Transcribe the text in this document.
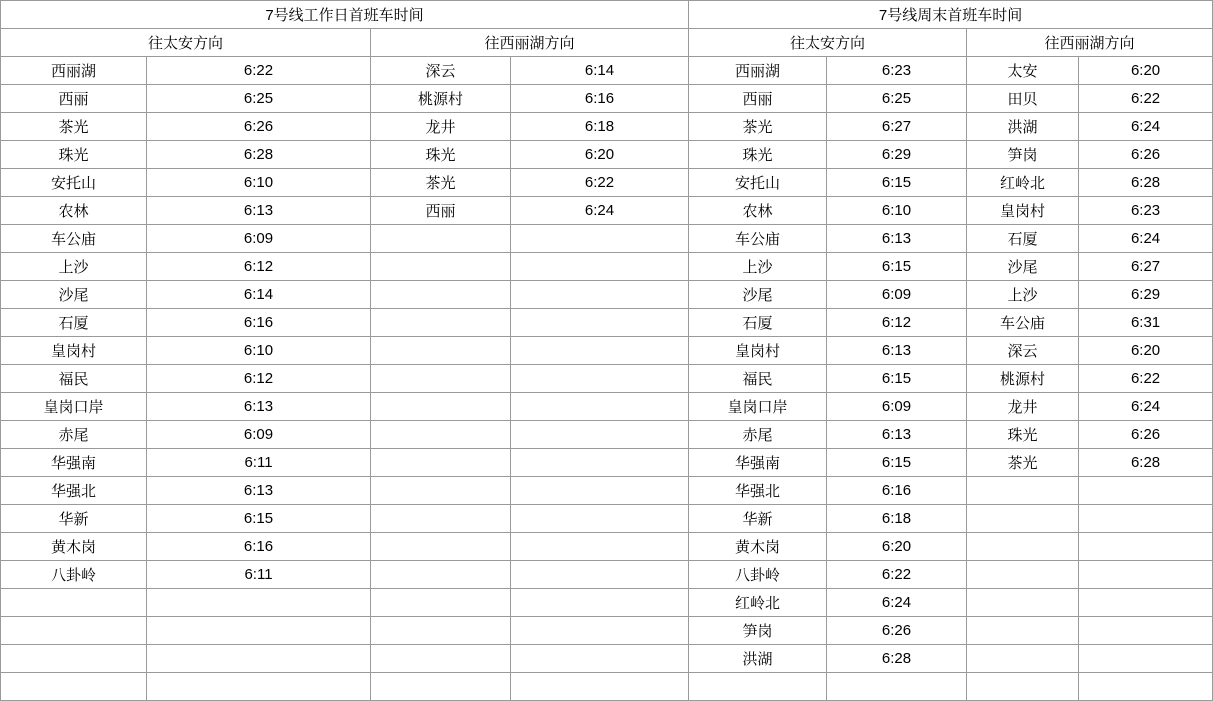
7号线工作日首班车时间				7号线周末首班车时间			
往太安方向		往西丽湖方向		往太安方向		往西丽湖方向	
西丽湖	6:22	深云	6:14	西丽湖	6:23	太安	6:20
西丽	6:25	桃源村	6:16	西丽	6:25	田贝	6:22
茶光	6:26	龙井	6:18	茶光	6:27	洪湖	6:24
珠光	6:28	珠光	6:20	珠光	6:29	笋岗	6:26
安托山	6:10	茶光	6:22	安托山	6:15	红岭北	6:28
农林	6:13	西丽	6:24	农林	6:10	皇岗村	6:23
车公庙	6:09			车公庙	6:13	石厦	6:24
上沙	6:12			上沙	6:15	沙尾	6:27
沙尾	6:14			沙尾	6:09	上沙	6:29
石厦	6:16			石厦	6:12	车公庙	6:31
皇岗村	6:10			皇岗村	6:13	深云	6:20
福民	6:12			福民	6:15	桃源村	6:22
皇岗口岸	6:13			皇岗口岸	6:09	龙井	6:24
赤尾	6:09			赤尾	6:13	珠光	6:26
华强南	6:11			华强南	6:15	茶光	6:28
华强北	6:13			华强北	6:16		
华新	6:15			华新	6:18		
黄木岗	6:16			黄木岗	6:20		
八卦岭	6:11			八卦岭	6:22		
				红岭北	6:24		
				笋岗	6:26		
				洪湖	6:28		
